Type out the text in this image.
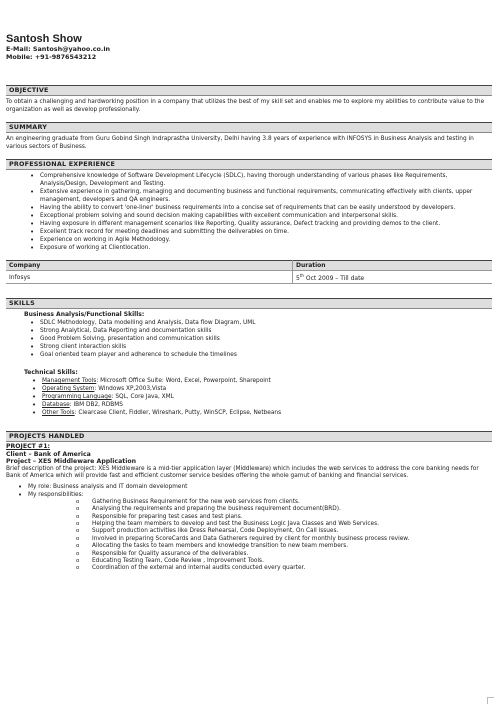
Santosh Show
E-Mail: Santosh@yahoo.co.in
Mobile: +91-9876543212
OBJECTIVE

To obtain a challenging and hardworking position in a company that utilizes the best of my skill set and enables me to explore my abilities to contribute value to the organization as well as develop professionally.

SUMMARY

An engineering graduate from Guru Gobind Singh Indraprastha University, Delhi having 3.8 years of experience with INFOSYS in Business Analysis and testing in various sectors of Business.

PROFESSIONAL EXPERIENCE
• Comprehensive knowledge of Software Development Lifecycle (SDLC), having thorough understanding of various phases like Requirements, Analysis/Design, Development and Testing.
• Extensive experience in gathering, managing and documenting business and functional requirements, communicating effectively with clients, upper management, developers and QA engineers.
• Having the ability to convert 'one-liner' business requirements into a concise set of requirements that can be easily understood by developers.
• Exceptional problem solving and sound decision making capabilities with excellent communication and interpersonal skills.
• Having exposure in different management scenarios like Reporting, Quality assurance, Defect tracking and providing demos to the client.
• Excellent track record for meeting deadlines and submitting the deliverables on time.
• Experience on working in Agile Methodology.
• Exposure of working at Clientlocation.
Company	Duration
Infosys	5th Oct 2009 – Till date
SKILLS
Business Analysis/Functional Skills:
• SDLC Methodology, Data modelling and Analysis, Data flow Diagram, UML
• Strong Analytical, Data Reporting and documentation skills
• Good Problem Solving, presentation and communication skills
• Strong client interaction skills
• Goal oriented team player and adherence to schedule the timelines
Technical Skills:
• Management Tools: Microsoft Office Suite: Word, Excel, Powerpoint, Sharepoint
• Operating System: Windows XP,2003,Vista
• Programming Language: SQL, Core Java, XML
• Database: IBM DB2, RDBMS
• Other Tools: Clearcase Client, Fiddler, Wireshark, Putty, WinSCP, Eclipse, Netbeans
PROJECTS HANDLED
PROJECT #1:
Client – Bank of America
Project – XES Middleware Application

Brief description of the project: XES Middleware is a mid-tier application layer (Middleware) which includes the web services to address the core banking needs for Bank of America which will provide fast and efficient customer service besides offering the whole gamut of banking and financial services.

• My role: Business analysis and IT domain development
• My responsibilities:
o Gathering Business Requirement for the new web services from clients.
o Analysing the requirements and preparing the business requirement document(BRD).
o Responsible for preparing test cases and test plans.
o Helping the team members to develop and test the Business Logic Java Classes and Web Services.
o Support production activities like Dress Rehearsal, Code Deployment, On Call issues.
o Involved in preparing ScoreCards and Data Gatherers required by client for monthly business process review.
o Allocating the tasks to team members and knowledge transition to new team members.
o Responsible for Quality assurance of the deliverables.
o Educating Testing Team, Code Review , Improvement Tools.
o Coordination of the external and internal audits conducted every quarter.
